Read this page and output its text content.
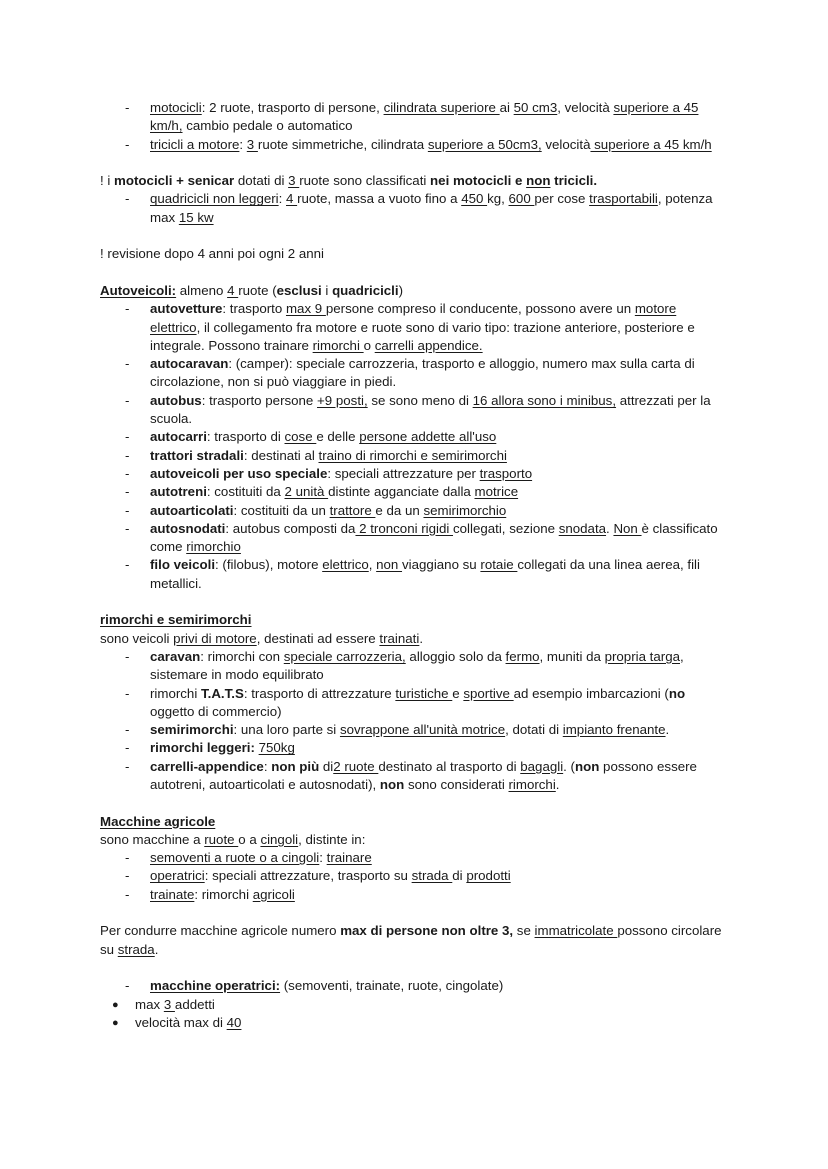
- motocicli: 2 ruote, trasporto di persone, cilindrata superiore ai 50 cm3, velocità superiore a 45 km/h, cambio pedale o automatico
- tricicli a motore: 3 ruote simmetriche, cilindrata superiore a 50cm3, velocità superiore a 45 km/h
! i motocicli + senicar dotati di 3 ruote sono classificati nei motocicli e non tricicli.
- quadricicli non leggeri: 4 ruote, massa a vuoto fino a 450 kg, 600 per cose trasportabili, potenza max 15 kw
! revisione dopo 4 anni poi ogni 2 anni
Autoveicoli: almeno 4 ruote (esclusi i quadricicli)
- autovetture: trasporto max 9 persone compreso il conducente, possono avere un motore elettrico, il collegamento fra motore e ruote sono di vario tipo: trazione anteriore, posteriore e integrale. Possono trainare rimorchi o carrelli appendice.
- autocaravan: (camper): speciale carrozzeria, trasporto e alloggio, numero max sulla carta di circolazione, non si può viaggiare in piedi.
- autobus: trasporto persone +9 posti, se sono meno di 16 allora sono i minibus, attrezzati per la scuola.
- autocarri: trasporto di cose e delle persone addette all'uso
- trattori stradali: destinati al traino di rimorchi e semirimorchi
- autoveicoli per uso speciale: speciali attrezzature per trasporto
- autotreni: costituiti da 2 unità distinte agganciate dalla motrice
- autoarticolati: costituiti da un trattore e da un semirimorchio
- autosnodati: autobus composti da 2 tronconi rigidi collegati, sezione snodata. Non è classificato come rimorchio
- filo veicoli: (filobus), motore elettrico, non viaggiano su rotaie collegati da una linea aerea, fili metallici.
rimorchi e semirimorchi
sono veicoli privi di motore, destinati ad essere trainati.
- caravan: rimorchi con speciale carrozzeria, alloggio solo da fermo, muniti da propria targa, sistemare in modo equilibrato
- rimorchi T.A.T.S: trasporto di attrezzature turistiche e sportive ad esempio imbarcazioni (no oggetto di commercio)
- semirimorchi: una loro parte si sovrappone all'unità motrice, dotati di impianto frenante.
- rimorchi leggeri: 750kg
- carrelli-appendice: non più di2 ruote destinato al trasporto di bagagli. (non possono essere autotreni, autoarticolati e autosnodati), non sono considerati rimorchi.
Macchine agricole
sono macchine a ruote o a cingoli, distinte in:
- semoventi a ruote o a cingoli: trainare
- operatrici: speciali attrezzature, trasporto su strada di prodotti
- trainate: rimorchi agricoli
Per condurre macchine agricole numero max di persone non oltre 3, se immatricolate possono circolare su strada.
- macchine operatrici: (semoventi, trainate, ruote, cingolate)
● max 3 addetti
● velocità max di 40
